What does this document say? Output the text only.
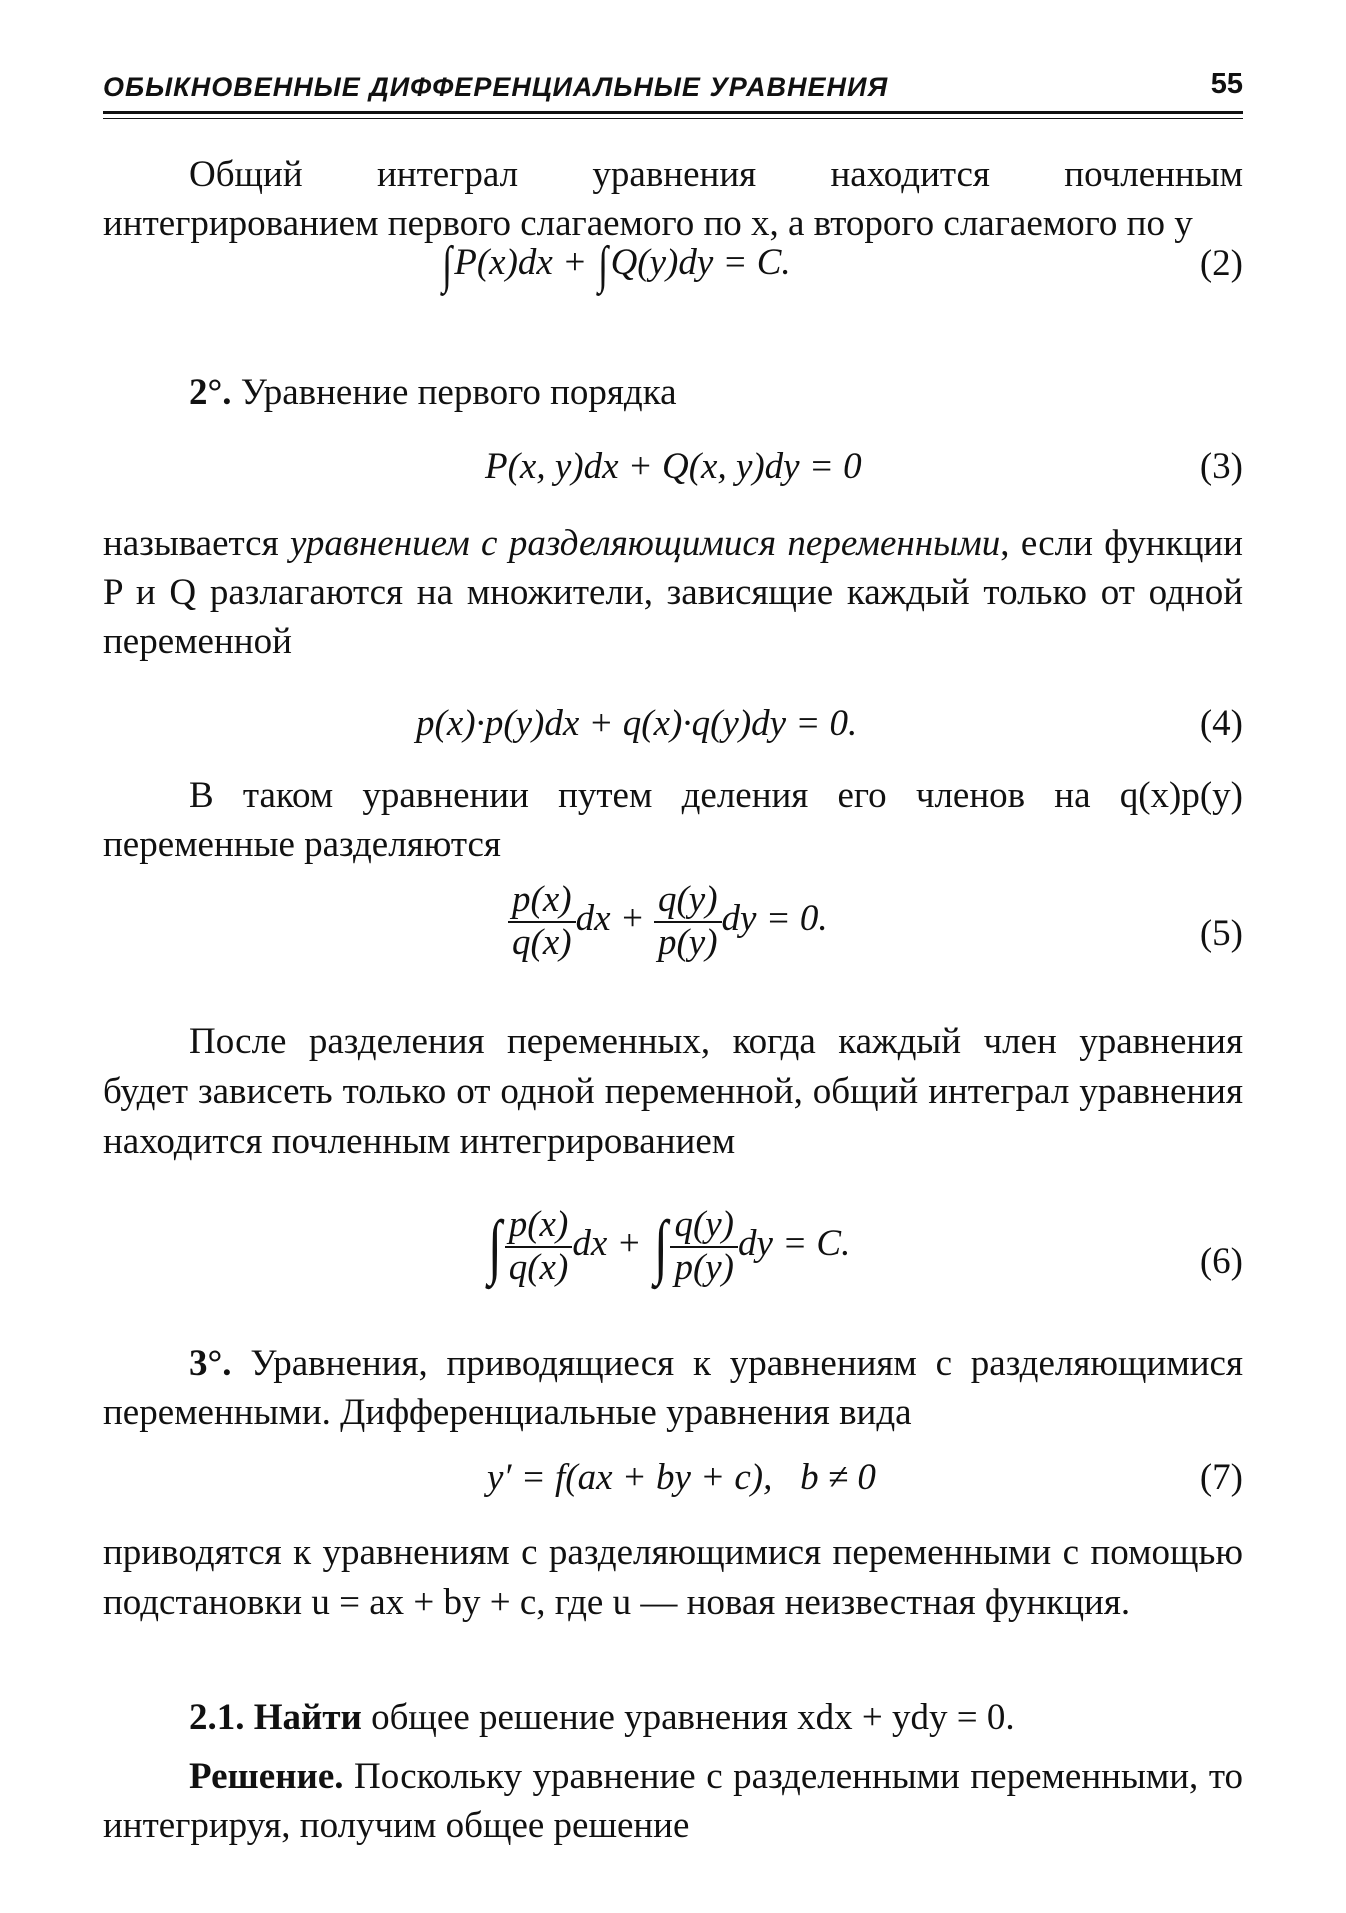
ОБЫКНОВЕННЫЕ ДИФФЕРЕНЦИАЛЬНЫЕ УРАВНЕНИЯ	55
Общий интеграл уравнения находится почленным интегрированием первого слагаемого по x, а второго слагаемого по y
∫P(x)dx + ∫Q(y)dy = C.	(2)
2°. Уравнение первого порядка
P(x, y)dx + Q(x, y)dy = 0	(3)
называется уравнением с разделяющимися переменными, если функции P и Q разлагаются на множители, зависящие каждый только от одной переменной
p(x)·p(y)dx + q(x)·q(y)dy = 0.	(4)
В таком уравнении путем деления его членов на q(x)p(y) переменные разделяются
$\frac{p(x)}{q(x)}$ dx + $\frac{q(y)}{p(y)}$ dy = 0.	(5)
После разделения переменных, когда каждый член уравнения будет зависеть только от одной переменной, общий интеграл уравнения находится почленным интегрированием
∫ $\frac{p(x)}{q(x)}$ dx + ∫ $\frac{q(y)}{p(y)}$ dy = C.	(6)
3°. Уравнения, приводящиеся к уравнениям с разделяющимися переменными. Дифференциальные уравнения вида
y′ = f(ax + by + c),   b ≠ 0	(7)
приводятся к уравнениям с разделяющимися переменными с помощью подстановки u = ax + by + c, где u — новая неизвестная функция.
2.1. Найти общее решение уравнения xdx + ydy = 0.
Решение. Поскольку уравнение с разделенными переменными, то интегрируя, получим общее решение
